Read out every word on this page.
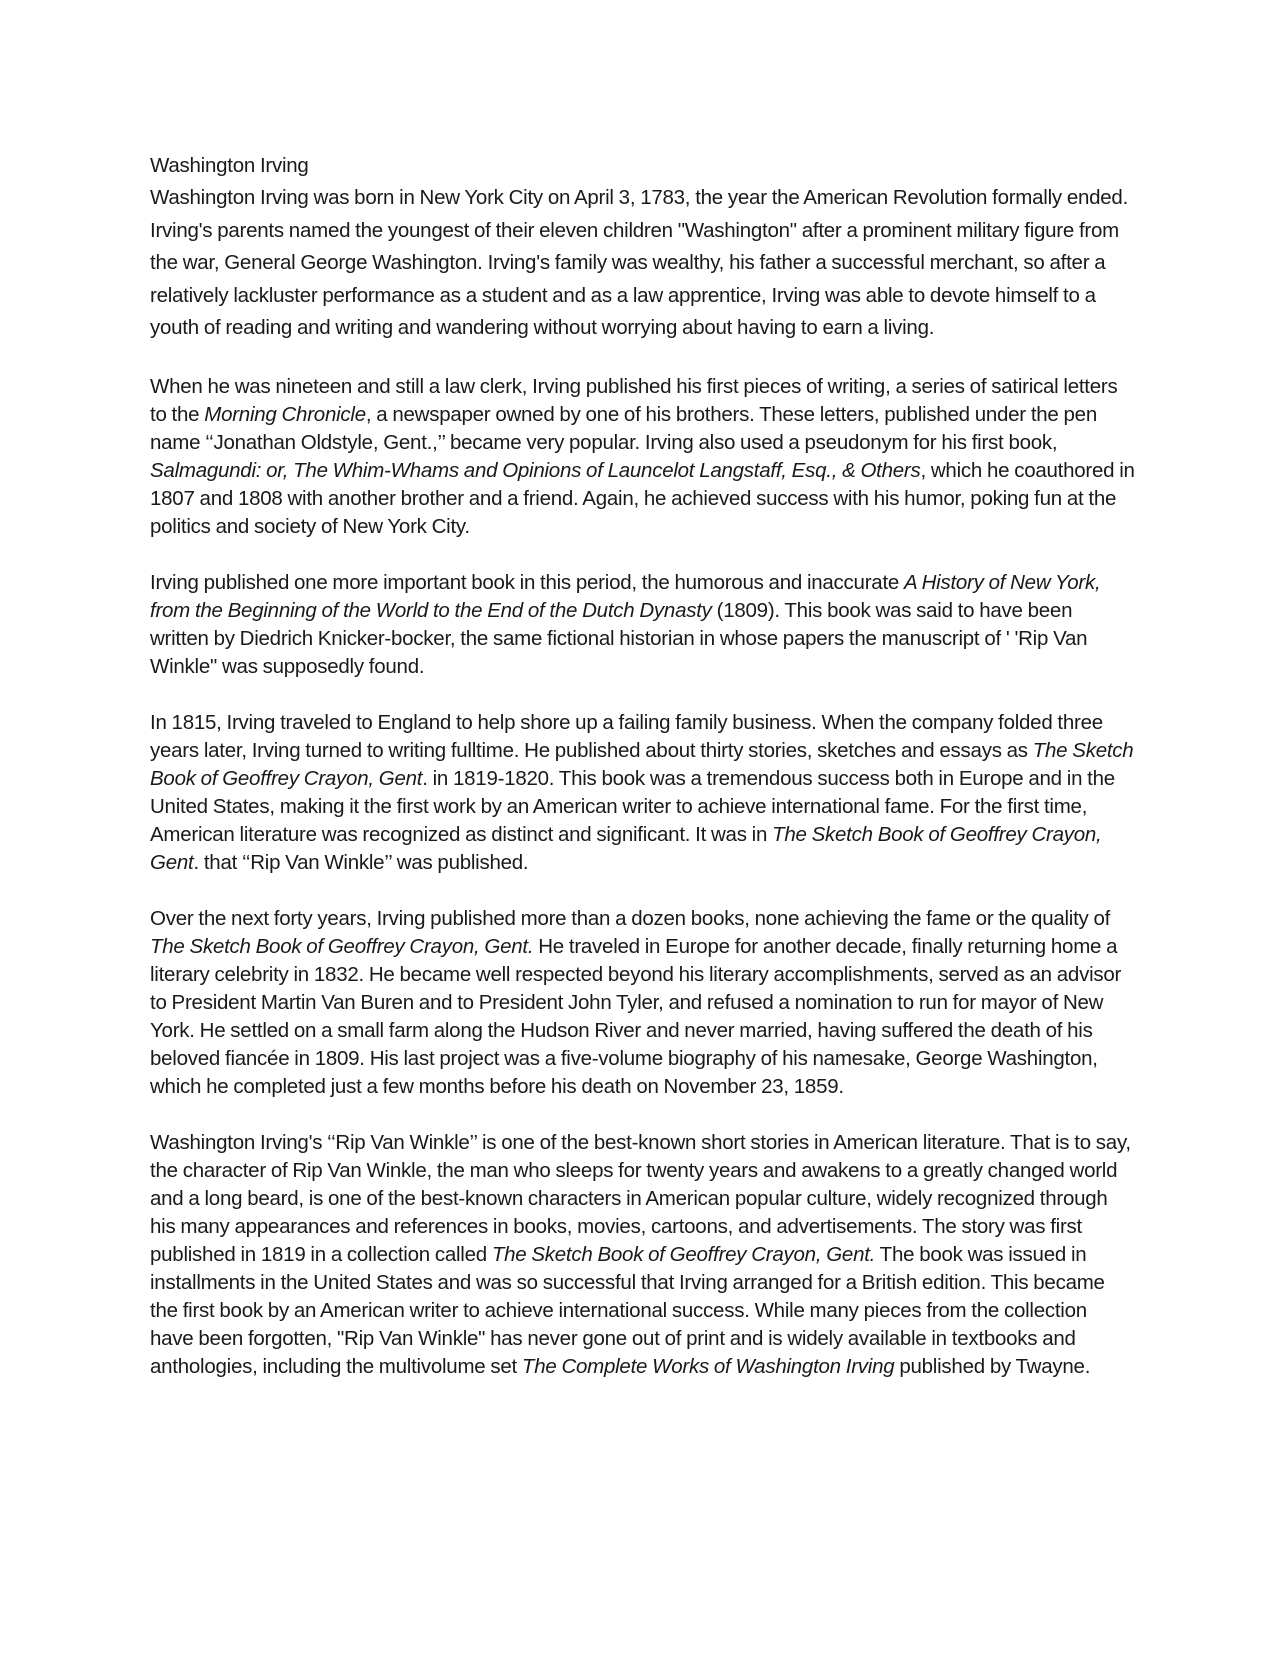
Washington Irving

Washington Irving was born in New York City on April 3, 1783, the year the American Revolution formally ended. Irving's parents named the youngest of their eleven children "Washington" after a prominent military figure from the war, General George Washington. Irving's family was wealthy, his father a successful merchant, so after a relatively lackluster performance as a student and as a law apprentice, Irving was able to devote himself to a youth of reading and writing and wandering without worrying about having to earn a living.

When he was nineteen and still a law clerk, Irving published his first pieces of writing, a series of satirical letters to the Morning Chronicle, a newspaper owned by one of his brothers. These letters, published under the pen name ‘‘Jonathan Oldstyle, Gent.,’’ became very popular. Irving also used a pseudonym for his first book, Salmagundi: or, The Whim-Whams and Opinions of Launcelot Langstaff, Esq., & Others, which he coauthored in 1807 and 1808 with another brother and a friend. Again, he achieved success with his humor, poking fun at the politics and society of New York City.

Irving published one more important book in this period, the humorous and inaccurate A History of New York, from the Beginning of the World to the End of the Dutch Dynasty (1809). This book was said to have been written by Diedrich Knicker-bocker, the same fictional historian in whose papers the manuscript of ' 'Rip Van Winkle" was supposedly found.

In 1815, Irving traveled to England to help shore up a failing family business. When the company folded three years later, Irving turned to writing fulltime. He published about thirty stories, sketches and essays as The Sketch Book of Geoffrey Crayon, Gent. in 1819-1820. This book was a tremendous success both in Europe and in the United States, making it the first work by an American writer to achieve international fame. For the first time, American literature was recognized as distinct and significant. It was in The Sketch Book of Geoffrey Crayon, Gent. that ‘‘Rip Van Winkle’’ was published.

Over the next forty years, Irving published more than a dozen books, none achieving the fame or the quality of The Sketch Book of Geoffrey Crayon, Gent. He traveled in Europe for another decade, finally returning home a literary celebrity in 1832. He became well respected beyond his literary accomplishments, served as an advisor to President Martin Van Buren and to President John Tyler, and refused a nomination to run for mayor of New York. He settled on a small farm along the Hudson River and never married, having suffered the death of his beloved fiancée in 1809. His last project was a five-volume biography of his namesake, George Washington, which he completed just a few months before his death on November 23, 1859.

Washington Irving's ‘‘Rip Van Winkle’’ is one of the best-known short stories in American literature. That is to say, the character of Rip Van Winkle, the man who sleeps for twenty years and awakens to a greatly changed world and a long beard, is one of the best-known characters in American popular culture, widely recognized through his many appearances and references in books, movies, cartoons, and advertisements. The story was first published in 1819 in a collection called The Sketch Book of Geoffrey Crayon, Gent. The book was issued in installments in the United States and was so successful that Irving arranged for a British edition. This became the first book by an American writer to achieve international success. While many pieces from the collection have been forgotten, "Rip Van Winkle" has never gone out of print and is widely available in textbooks and anthologies, including the multivolume set The Complete Works of Washington Irving published by Twayne.
